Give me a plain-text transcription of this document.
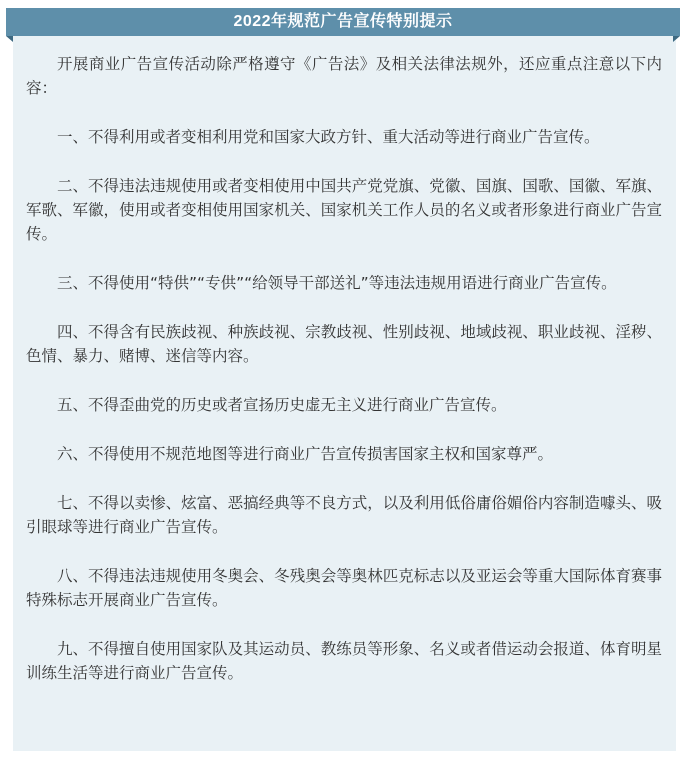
2022年规范广告宣传特别提示

开展商业广告宣传活动除严格遵守《广告法》及相关法律法规外，还应重点注意以下内容：

一、不得利用或者变相利用党和国家大政方针、重大活动等进行商业广告宣传。

二、不得违法违规使用或者变相使用中国共产党党旗、党徽、国旗、国歌、国徽、军旗、军歌、军徽，使用或者变相使用国家机关、国家机关工作人员的名义或者形象进行商业广告宣传。

三、不得使用“特供”“专供”“给领导干部送礼”等违法违规用语进行商业广告宣传。

四、不得含有民族歧视、种族歧视、宗教歧视、性别歧视、地域歧视、职业歧视、淫秽、色情、暴力、赌博、迷信等内容。

五、不得歪曲党的历史或者宣扬历史虚无主义进行商业广告宣传。

六、不得使用不规范地图等进行商业广告宣传损害国家主权和国家尊严。

七、不得以卖惨、炫富、恶搞经典等不良方式，以及利用低俗庸俗媚俗内容制造噱头、吸引眼球等进行商业广告宣传。

八、不得违法违规使用冬奥会、冬残奥会等奥林匹克标志以及亚运会等重大国际体育赛事特殊标志开展商业广告宣传。

九、不得擅自使用国家队及其运动员、教练员等形象、名义或者借运动会报道、体育明星训练生活等进行商业广告宣传。
